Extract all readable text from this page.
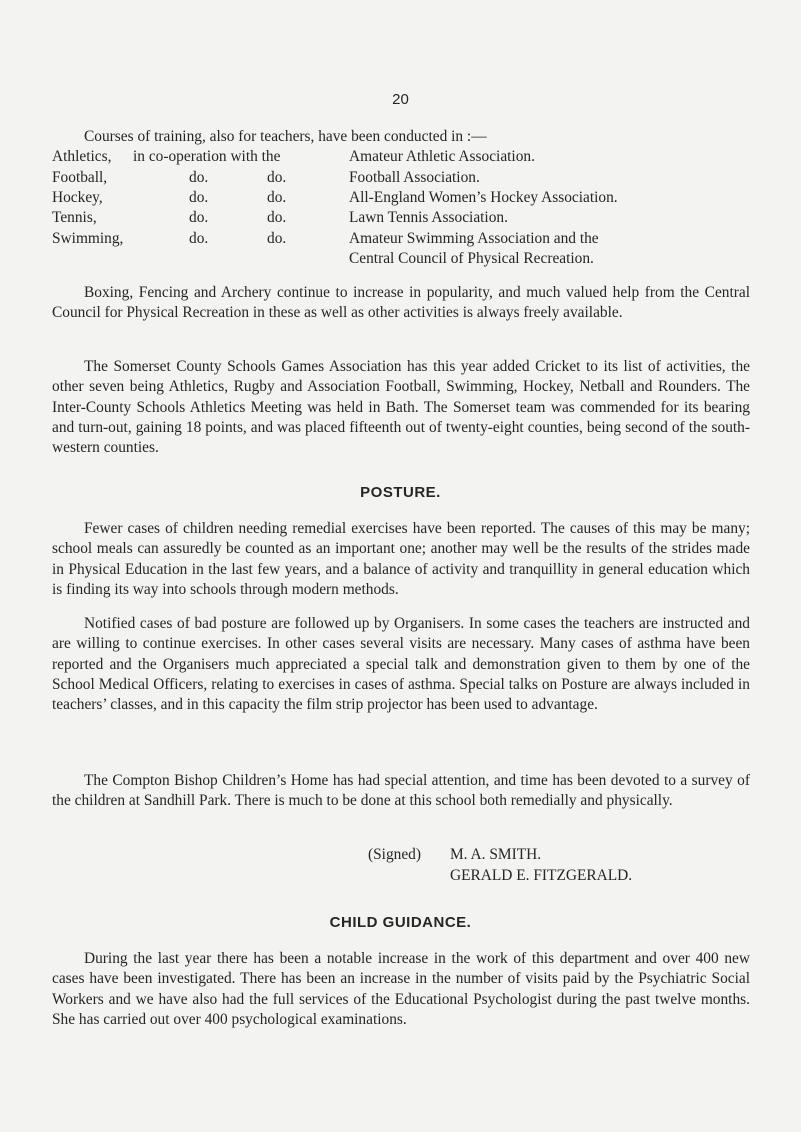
20

Courses of training, also for teachers, have been conducted in :—

Athletics, in co-operation with the	Amateur Athletic Association.
Football,	do.	do.	Football Association.
Hockey,	do.	do.	All-England Women’s Hockey Association.
Tennis,	do.	do.	Lawn Tennis Association.
Swimming,	do.	do.	Amateur Swimming Association and the
Central Council of Physical Recreation.

Boxing, Fencing and Archery continue to increase in popularity, and much valued help from the Central Council for Physical Recreation in these as well as other activities is always freely available.

The Somerset County Schools Games Association has this year added Cricket to its list of activities, the other seven being Athletics, Rugby and Association Football, Swimming, Hockey, Netball and Rounders. The Inter-County Schools Athletics Meeting was held in Bath. The Somerset team was commended for its bearing and turn-out, gaining 18 points, and was placed fifteenth out of twenty-eight counties, being second of the south-western counties.

POSTURE.

Fewer cases of children needing remedial exercises have been reported. The causes of this may be many; school meals can assuredly be counted as an important one; another may well be the results of the strides made in Physical Education in the last few years, and a balance of activity and tranquillity in general education which is finding its way into schools through modern methods.

Notified cases of bad posture are followed up by Organisers. In some cases the teachers are instructed and are willing to continue exercises. In other cases several visits are necessary. Many cases of asthma have been reported and the Organisers much appreciated a special talk and demonstration given to them by one of the School Medical Officers, relating to exercises in cases of asthma. Special talks on Posture are always included in teachers’ classes, and in this capacity the film strip projector has been used to advantage.

The Compton Bishop Children’s Home has had special attention, and time has been devoted to a survey of the children at Sandhill Park. There is much to be done at this school both remedially and physically.

(Signed) M. A. SMITH.
GERALD E. FITZGERALD.
CHILD GUIDANCE.

During the last year there has been a notable increase in the work of this department and over 400 new cases have been investigated. There has been an increase in the number of visits paid by the Psychiatric Social Workers and we have also had the full services of the Educational Psychologist during the past twelve months. She has carried out over 400 psychological examinations.
